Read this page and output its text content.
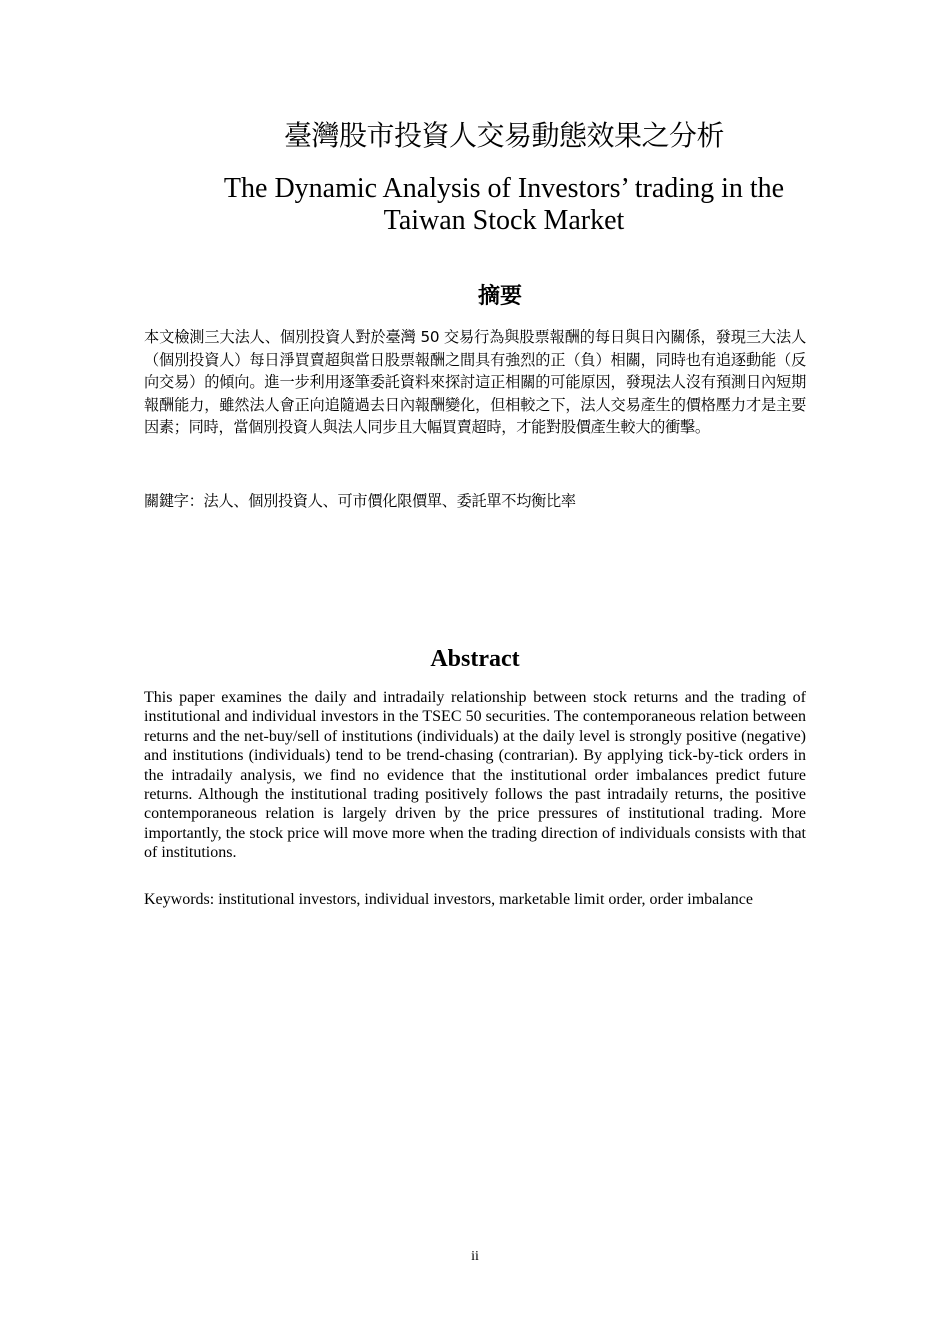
臺灣股市投資人交易動態效果之分析
The Dynamic Analysis of Investors’ trading in the Taiwan Stock Market
摘要

本文檢測三大法人、個別投資人對於臺灣 50 交易行為與股票報酬的每日與日內關係，發現三大法人（個別投資人）每日淨買賣超與當日股票報酬之間具有強烈的正（負）相關，同時也有追逐動能（反向交易）的傾向。進一步利用逐筆委託資料來探討這正相關的可能原因，發現法人沒有預測日內短期報酬能力，雖然法人會正向追隨過去日內報酬變化，但相較之下，法人交易產生的價格壓力才是主要因素；同時，當個別投資人與法人同步且大幅買賣超時，才能對股價產生較大的衝擊。

關鍵字：法人、個別投資人、可市價化限價單、委託單不均衡比率

Abstract

This paper examines the daily and intradaily relationship between stock returns and the trading of institutional and individual investors in the TSEC 50 securities. The contemporaneous relation between returns and the net-buy/sell of institutions (individuals) at the daily level is strongly positive (negative) and institutions (individuals) tend to be trend-chasing (contrarian). By applying tick-by-tick orders in the intradaily analysis, we find no evidence that the institutional order imbalances predict future returns. Although the institutional trading positively follows the past intradaily returns, the positive contemporaneous relation is largely driven by the price pressures of institutional trading. More importantly, the stock price will move more when the trading direction of individuals consists with that of institutions.

Keywords: institutional investors, individual investors, marketable limit order, order imbalance

ii
